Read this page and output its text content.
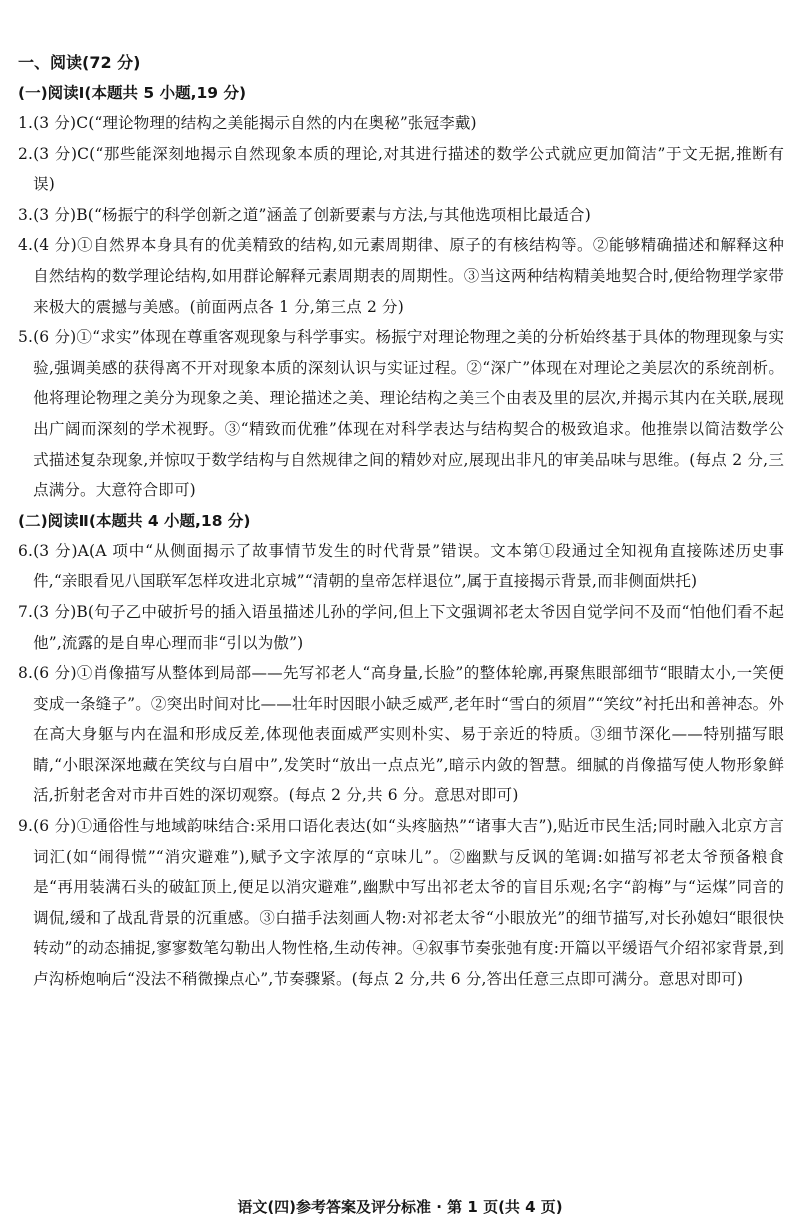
一、阅读(72 分)
(一)阅读Ⅰ(本题共 5 小题,19 分)
1. (3 分)C(“理论物理的结构之美能揭示自然的内在奥秘”张冠李戴)
2. (3 分)C(“那些能深刻地揭示自然现象本质的理论,对其进行描述的数学公式就应更加简洁”于文无据,推断有误)
3. (3 分)B(“杨振宁的科学创新之道”涵盖了创新要素与方法,与其他选项相比最适合)
4. (4 分)①自然界本身具有的优美精致的结构,如元素周期律、原子的有核结构等。②能够精确描述和解释这种自然结构的数学理论结构,如用群论解释元素周期表的周期性。③当这两种结构精美地契合时,便给物理学家带来极大的震撼与美感。(前面两点各 1 分,第三点 2 分)
5. (6 分)①“求实”体现在尊重客观现象与科学事实。杨振宁对理论物理之美的分析始终基于具体的物理现象与实验,强调美感的获得离不开对现象本质的深刻认识与实证过程。②“深广”体现在对理论之美层次的系统剖析。他将理论物理之美分为现象之美、理论描述之美、理论结构之美三个由表及里的层次,并揭示其内在关联,展现出广阔而深刻的学术视野。③“精致而优雅”体现在对科学表达与结构契合的极致追求。他推崇以简洁数学公式描述复杂现象,并惊叹于数学结构与自然规律之间的精妙对应,展现出非凡的审美品味与思维。(每点 2 分,三点满分。大意符合即可)
(二)阅读Ⅱ(本题共 4 小题,18 分)
6. (3 分)A(A 项中“从侧面揭示了故事情节发生的时代背景”错误。文本第①段通过全知视角直接陈述历史事件,“亲眼看见八国联军怎样攻进北京城”“清朝的皇帝怎样退位”,属于直接揭示背景,而非侧面烘托)
7. (3 分)B(句子乙中破折号的插入语虽描述儿孙的学问,但上下文强调祁老太爷因自觉学问不及而“怕他们看不起他”,流露的是自卑心理而非“引以为傲”)
8. (6 分)①肖像描写从整体到局部——先写祁老人“高身量,长脸”的整体轮廓,再聚焦眼部细节“眼睛太小,一笑便变成一条缝子”。②突出时间对比——壮年时因眼小缺乏威严,老年时“雪白的须眉”“笑纹”衬托出和善神态。外在高大身躯与内在温和形成反差,体现他表面威严实则朴实、易于亲近的特质。③细节深化——特别描写眼睛,“小眼深深地藏在笑纹与白眉中”,发笑时“放出一点点光”,暗示内敛的智慧。细腻的肖像描写使人物形象鲜活,折射老舍对市井百姓的深切观察。(每点 2 分,共 6 分。意思对即可)
9. (6 分)①通俗性与地域韵味结合:采用口语化表达(如“头疼脑热”“诸事大吉”),贴近市民生活;同时融入北京方言词汇(如“闹得慌”“消灾避难”),赋予文字浓厚的“京味儿”。②幽默与反讽的笔调:如描写祁老太爷预备粮食是“再用装满石头的破缸顶上,便足以消灾避难”,幽默中写出祁老太爷的盲目乐观;名字“韵梅”与“运煤”同音的调侃,缓和了战乱背景的沉重感。③白描手法刻画人物:对祁老太爷“小眼放光”的细节描写,对长孙媳妇“眼很快转动”的动态捕捉,寥寥数笔勾勒出人物性格,生动传神。④叙事节奏张弛有度:开篇以平缓语气介绍祁家背景,到卢沟桥炮响后“没法不稍微操点心”,节奏骤紧。(每点 2 分,共 6 分,答出任意三点即可满分。意思对即可)
语文(四)参考答案及评分标准 · 第 1 页(共 4 页)
